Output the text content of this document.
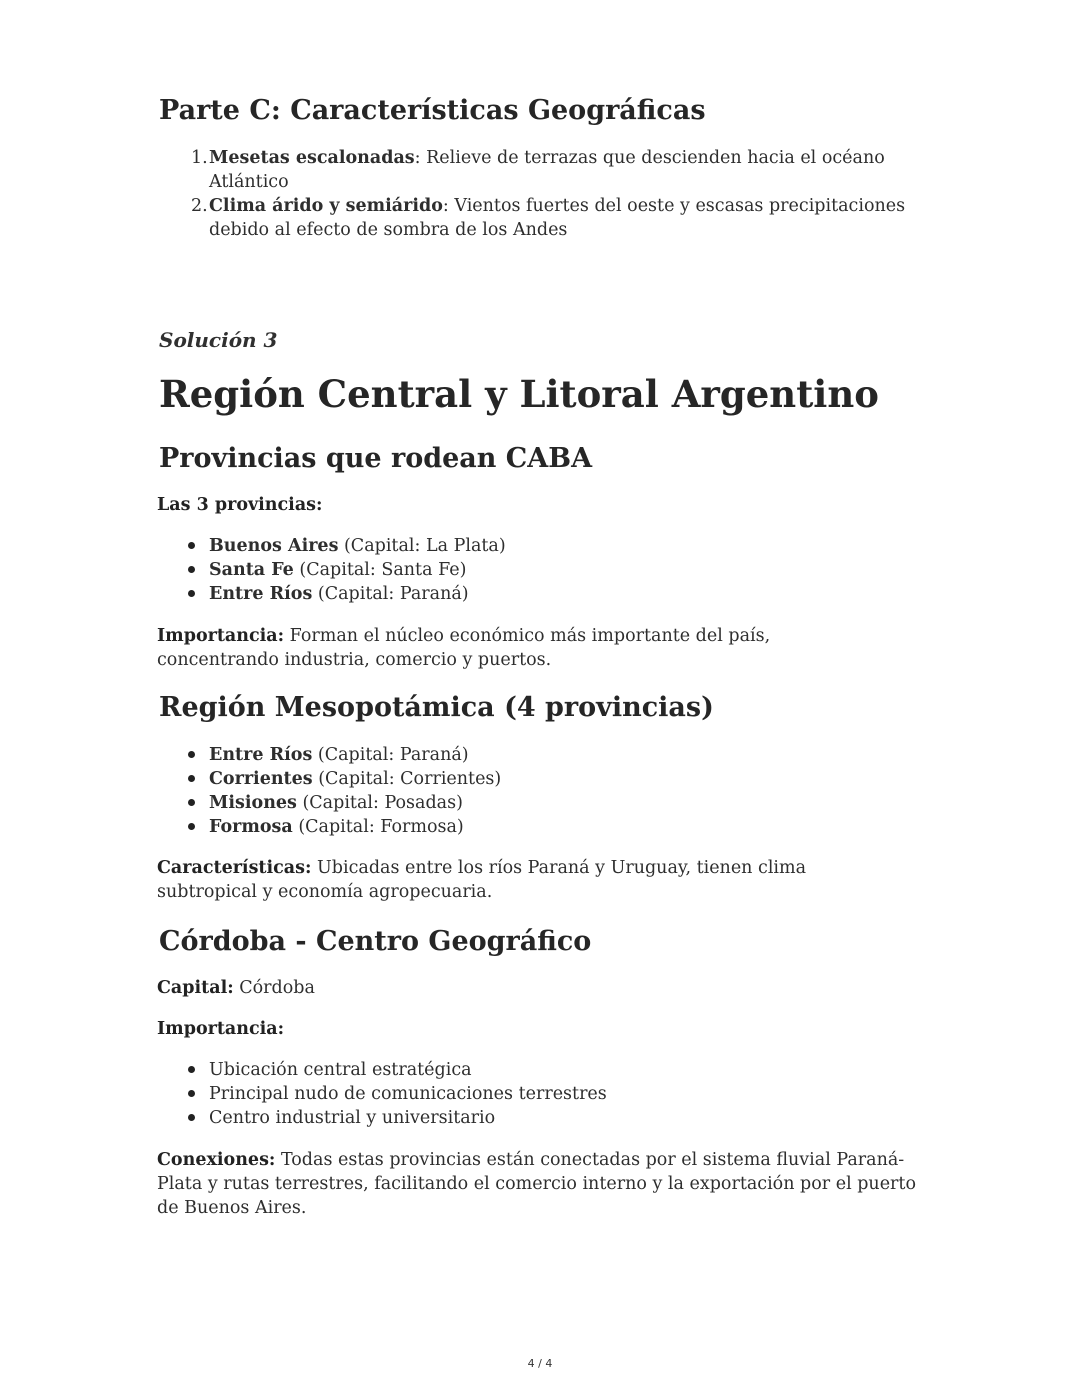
Parte C: Características Geográficas
1. Mesetas escalonadas: Relieve de terrazas que descienden hacia el océano Atlántico
2. Clima árido y semiárido: Vientos fuertes del oeste y escasas precipitaciones debido al efecto de sombra de los Andes
Solución 3
Región Central y Litoral Argentino
Provincias que rodean CABA
Las 3 provincias:
Buenos Aires (Capital: La Plata)
Santa Fe (Capital: Santa Fe)
Entre Ríos (Capital: Paraná)
Importancia: Forman el núcleo económico más importante del país, concentrando industria, comercio y puertos.
Región Mesopotámica (4 provincias)
Entre Ríos (Capital: Paraná)
Corrientes (Capital: Corrientes)
Misiones (Capital: Posadas)
Formosa (Capital: Formosa)
Características: Ubicadas entre los ríos Paraná y Uruguay, tienen clima subtropical y economía agropecuaria.
Córdoba - Centro Geográfico
Capital: Córdoba
Importancia:
Ubicación central estratégica
Principal nudo de comunicaciones terrestres
Centro industrial y universitario
Conexiones: Todas estas provincias están conectadas por el sistema fluvial Paraná-Plata y rutas terrestres, facilitando el comercio interno y la exportación por el puerto de Buenos Aires.
4 / 4
